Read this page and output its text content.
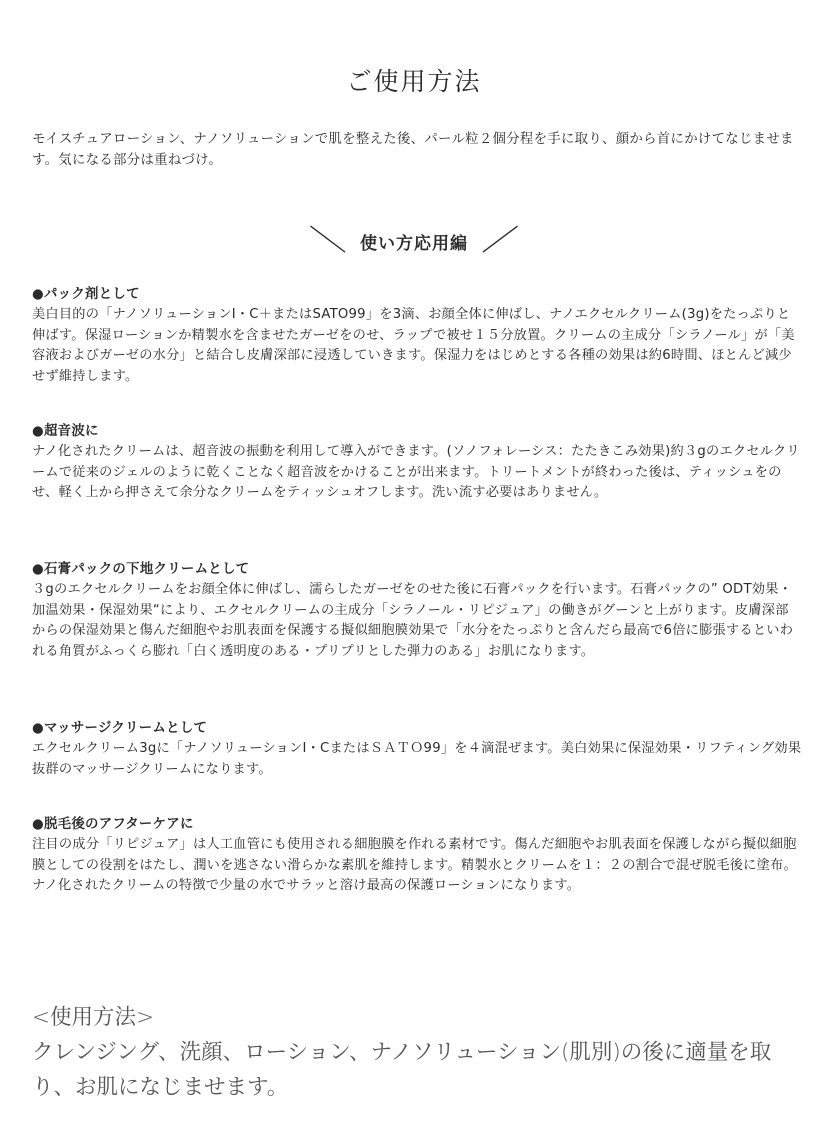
ご使用方法

モイスチュアローション、ナノソリューションで肌を整えた後、パール粒２個分程を手に取り、顔から首にかけてなじませます。気になる部分は重ねづけ。

＼ 使い方応用編 ／
●パック剤として

美白目的の「ナノソリューションI・C＋またはSATO99」を3滴、お顔全体に伸ばし、ナノエクセルクリーム(3g)をたっぷりと伸ばす。保湿ローションか精製水を含ませたガーゼをのせ、ラップで被せ１５分放置。クリームの主成分「シラノール」が「美容液およびガーゼの水分」と結合し皮膚深部に浸透していきます。保湿力をはじめとする各種の効果は約6時間、ほとんど減少せず維持します。

●超音波に

ナノ化されたクリームは、超音波の振動を利用して導入ができます。(ソノフォレーシス：たたきこみ効果)約３gのエクセルクリームで従来のジェルのように乾くことなく超音波をかけることが出来ます。トリートメントが終わった後は、ティッシュをのせ、軽く上から押さえて余分なクリームをティッシュオフします。洗い流す必要はありません。

●石膏パックの下地クリームとして

３gのエクセルクリームをお顔全体に伸ばし、濡らしたガーゼをのせた後に石膏パックを行います。石膏パックの” ODT効果・加温効果・保湿効果“により、エクセルクリームの主成分「シラノール・リピジュア」の働きがグーンと上がります。皮膚深部からの保湿効果と傷んだ細胞やお肌表面を保護する擬似細胞膜効果で「水分をたっぷりと含んだら最高で6倍に膨張するといわれる角質がふっくら膨れ「白く透明度のある・プリプリとした弾力のある」お肌になります。

●マッサージクリームとして

エクセルクリーム3gに「ナノソリューションI・CまたはＳＡＴＯ99」を４滴混ぜます。美白効果に保湿効果・リフティング効果抜群のマッサージクリームになります。

●脱毛後のアフターケアに

注目の成分「リピジュア」は人工血管にも使用される細胞膜を作れる素材です。傷んだ細胞やお肌表面を保護しながら擬似細胞膜としての役割をはたし、潤いを逃さない滑らかな素肌を維持します。精製水とクリームを１：２の割合で混ぜ脱毛後に塗布。ナノ化されたクリームの特徴で少量の水でサラッと溶け最高の保護ローションになります。

<使用方法>

クレンジング、洗顔、ローション、ナノソリューション(肌別)の後に適量を取り、お肌になじませます。
